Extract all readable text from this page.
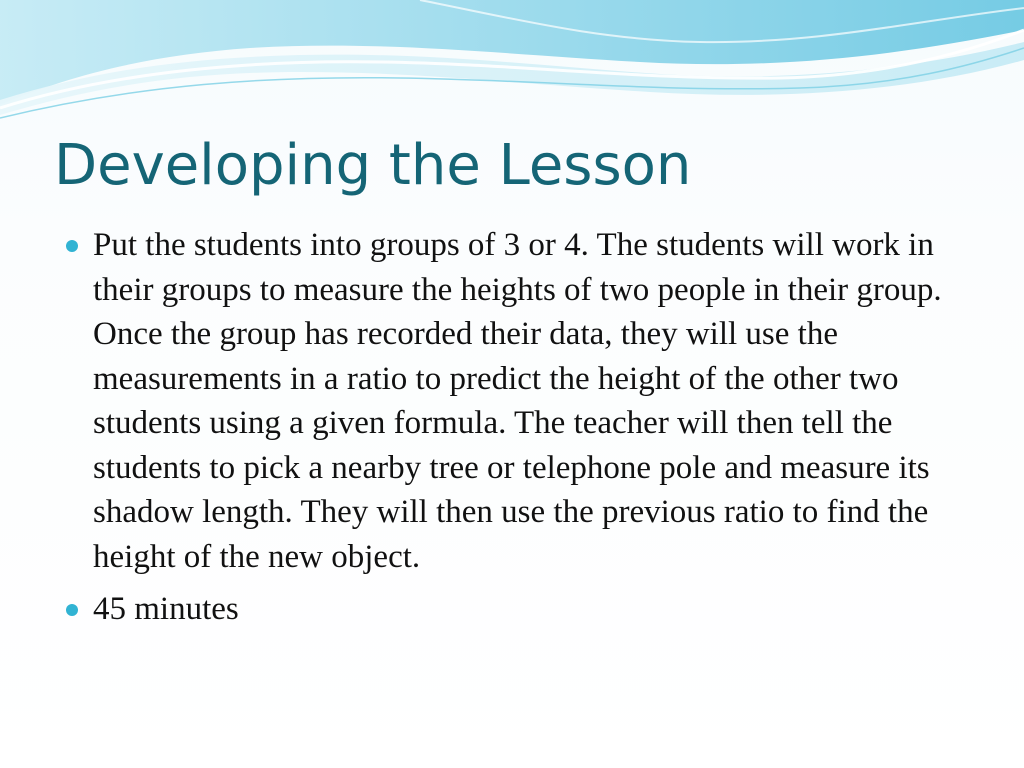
Developing the Lesson
Put the students into groups of 3 or 4. The students will work in their groups to measure the heights of two people in their group. Once the group has recorded their data, they will use the measurements in a ratio to predict the height of the other two students using a given formula. The teacher will then tell the students to pick a nearby tree or telephone pole and measure its shadow length. They will then use the previous ratio to find the height of the new object.
45 minutes
